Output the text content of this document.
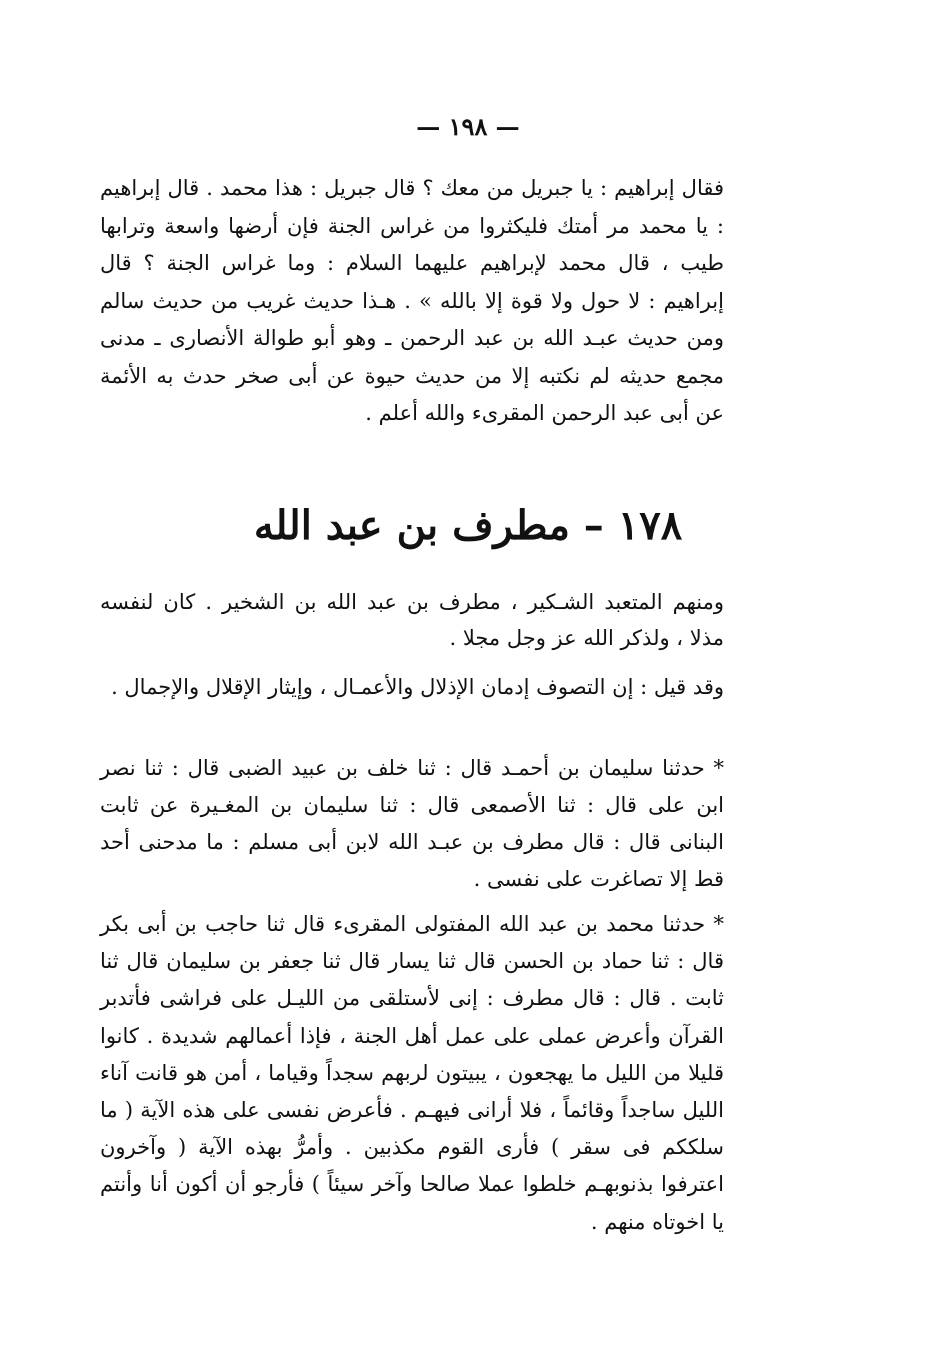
— ١٩٨ —

فقال إبراهيم : يا جبريل من معك ؟ قال جبريل : هذا محمد . قال إبراهيم : يا محمد مر أمتك فليكثروا من غراس الجنة فإن أرضها واسعة وترابها طيب ، قال محمد لإبراهيم عليهما السلام : وما غراس الجنة ؟ قال إبراهيم : لا حول ولا قوة إلا بالله » . هـذا حديث غريب من حديث سالم ومن حديث عبـد الله بن عبد الرحمن ـ وهو أبو طوالة الأنصارى ـ مدنى مجمع حديثه لم نكتبه إلا من حديث حيوة عن أبى صخر حدث به الأئمة عن أبى عبد الرحمن المقرىء والله أعلم .

١٧٨ – مطرف بن عبد الله

ومنهم المتعبد الشـكير ، مطرف بن عبد الله بن الشخير . كان لنفسه مذلا ، ولذكر الله عز وجل مجلا .

وقد قيل : إن التصوف إدمان الإذلال والأعمـال ، وإيثار الإقلال والإجمال .

* حدثنا سليمان بن أحمـد قال : ثنا خلف بن عبيد الضبى قال : ثنا نصر ابن على قال : ثنا الأصمعى قال : ثنا سليمان بن المغـيرة عن ثابت البنانى قال : قال مطرف بن عبـد الله لابن أبى مسلم : ما مدحنى أحد قط إلا تصاغرت على نفسى .

* حدثنا محمد بن عبد الله المفتولى المقرىء قال ثنا حاجب بن أبى بكر قال : ثنا حماد بن الحسن قال ثنا يسار قال ثنا جعفر بن سليمان قال ثنا ثابت . قال : قال مطرف : إنى لأستلقى من الليـل على فراشى فأتدبر القرآن وأعرض عملى على عمل أهل الجنة ، فإذا أعمالهم شديدة . كانوا قليلا من الليل ما يهجعون ، يبيتون لربهم سجداً وقياما ، أمن هو قانت آناء الليل ساجداً وقائماً ، فلا أرانى فيهـم . فأعرض نفسى على هذه الآية ( ما سلككم فى سقر ) فأرى القوم مكذبين . وأمرُّ بهذه الآية ( وآخرون اعترفوا بذنوبهـم خلطوا عملا صالحا وآخر سيئاً ) فأرجو أن أكون أنا وأنتم يا اخوتاه منهم .
